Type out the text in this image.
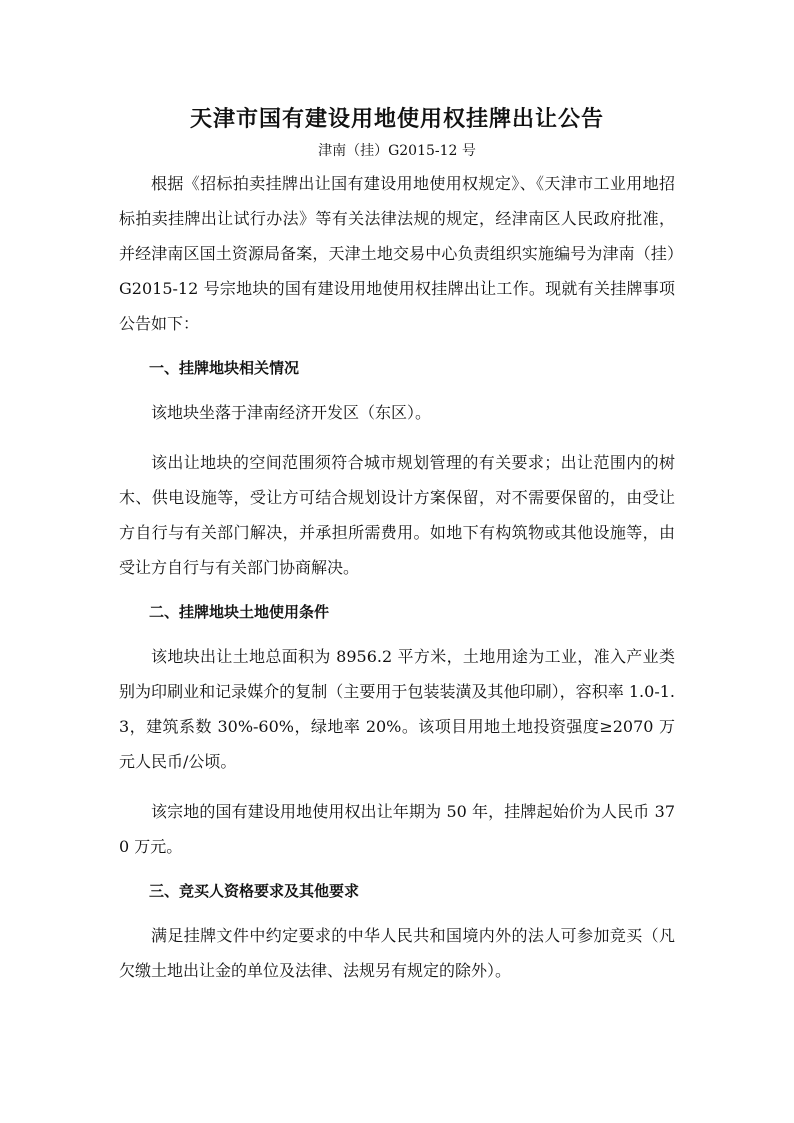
天津市国有建设用地使用权挂牌出让公告
津南（挂）G2015-12 号

根据《招标拍卖挂牌出让国有建设用地使用权规定》、《天津市工业用地招标拍卖挂牌出让试行办法》等有关法律法规的规定，经津南区人民政府批准，并经津南区国土资源局备案，天津土地交易中心负责组织实施编号为津南（挂）G2015-12 号宗地块的国有建设用地使用权挂牌出让工作。现就有关挂牌事项公告如下：

一、挂牌地块相关情况

该地块坐落于津南经济开发区（东区）。

该出让地块的空间范围须符合城市规划管理的有关要求；出让范围内的树木、供电设施等，受让方可结合规划设计方案保留，对不需要保留的，由受让方自行与有关部门解决，并承担所需费用。如地下有构筑物或其他设施等，由受让方自行与有关部门协商解决。

二、挂牌地块土地使用条件

该地块出让土地总面积为 8956.2 平方米，土地用途为工业，准入产业类别为印刷业和记录媒介的复制（主要用于包装装潢及其他印刷），容积率 1.0-1.3，建筑系数 30%-60%，绿地率 20%。该项目用地土地投资强度≥2070 万元人民币/公顷。

该宗地的国有建设用地使用权出让年期为 50 年，挂牌起始价为人民币 370 万元。

三、竞买人资格要求及其他要求

满足挂牌文件中约定要求的中华人民共和国境内外的法人可参加竞买（凡欠缴土地出让金的单位及法律、法规另有规定的除外）。
